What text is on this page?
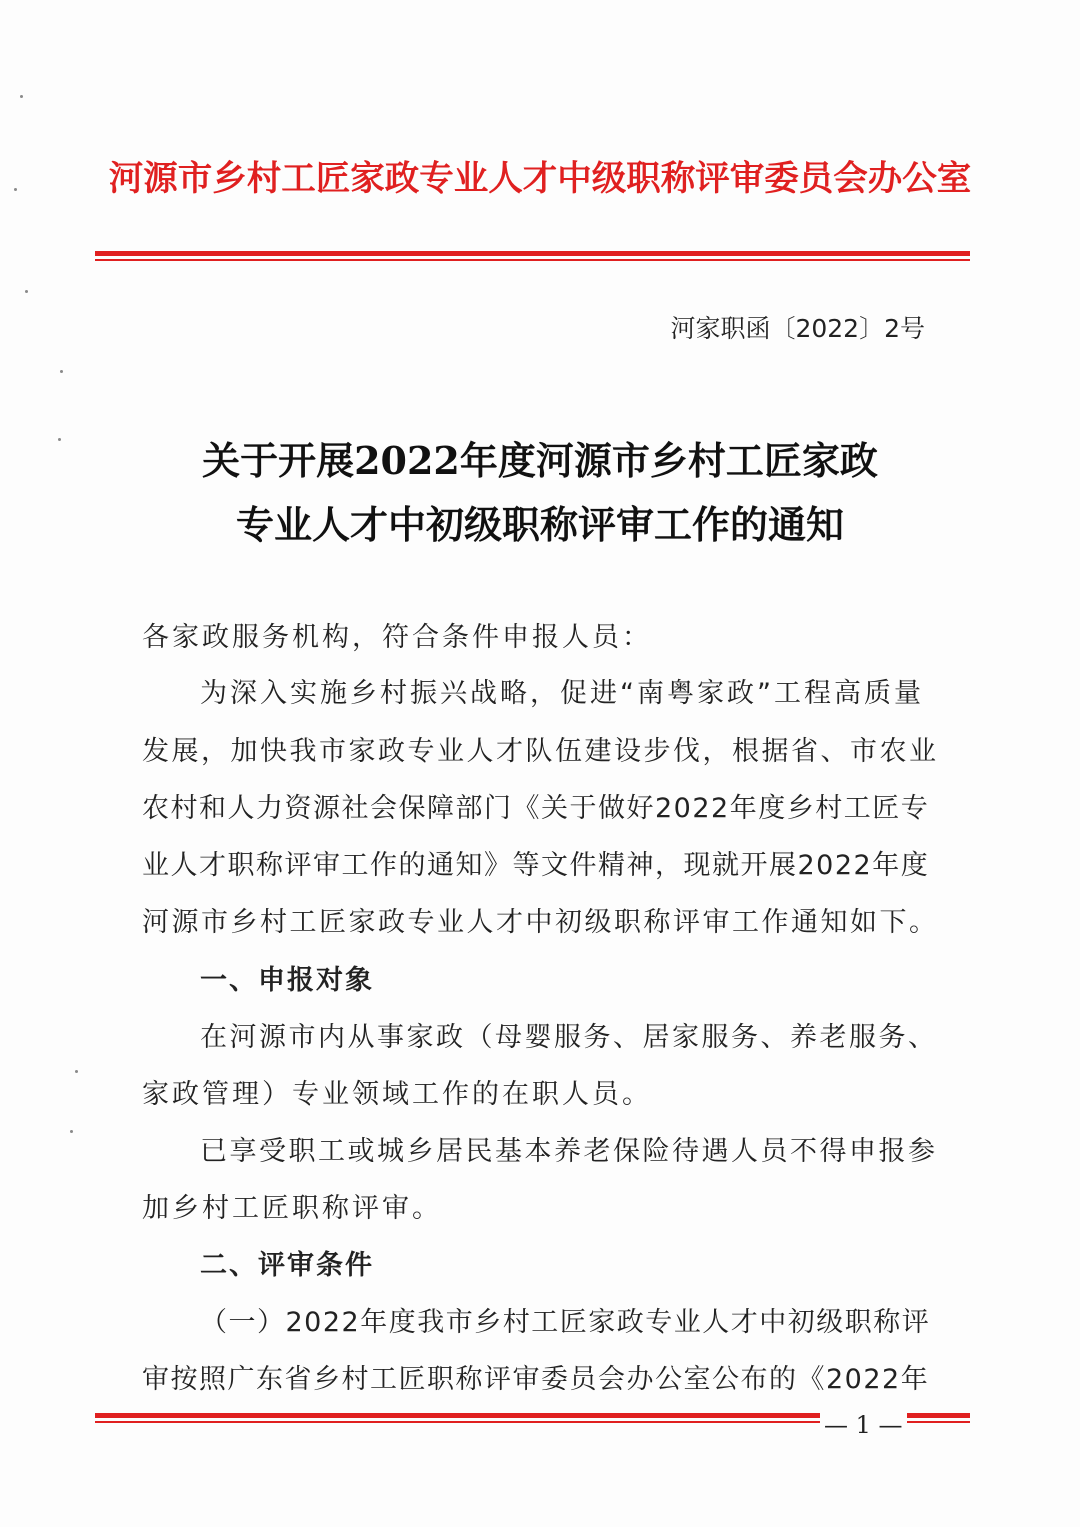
河源市乡村工匠家政专业人才中级职称评审委员会办公室
河家职函〔2022〕2号
关于开展2022年度河源市乡村工匠家政
专业人才中初级职称评审工作的通知
各家政服务机构，符合条件申报人员：
为深入实施乡村振兴战略，促进“南粤家政”工程高质量
发展，加快我市家政专业人才队伍建设步伐，根据省、市农业
农村和人力资源社会保障部门《关于做好2022年度乡村工匠专
业人才职称评审工作的通知》等文件精神，现就开展2022年度
河源市乡村工匠家政专业人才中初级职称评审工作通知如下。
一、申报对象
在河源市内从事家政（母婴服务、居家服务、养老服务、
家政管理）专业领域工作的在职人员。
已享受职工或城乡居民基本养老保险待遇人员不得申报参
加乡村工匠职称评审。
二、评审条件
（一）2022年度我市乡村工匠家政专业人才中初级职称评
审按照广东省乡村工匠职称评审委员会办公室公布的《2022年
— 1 —
